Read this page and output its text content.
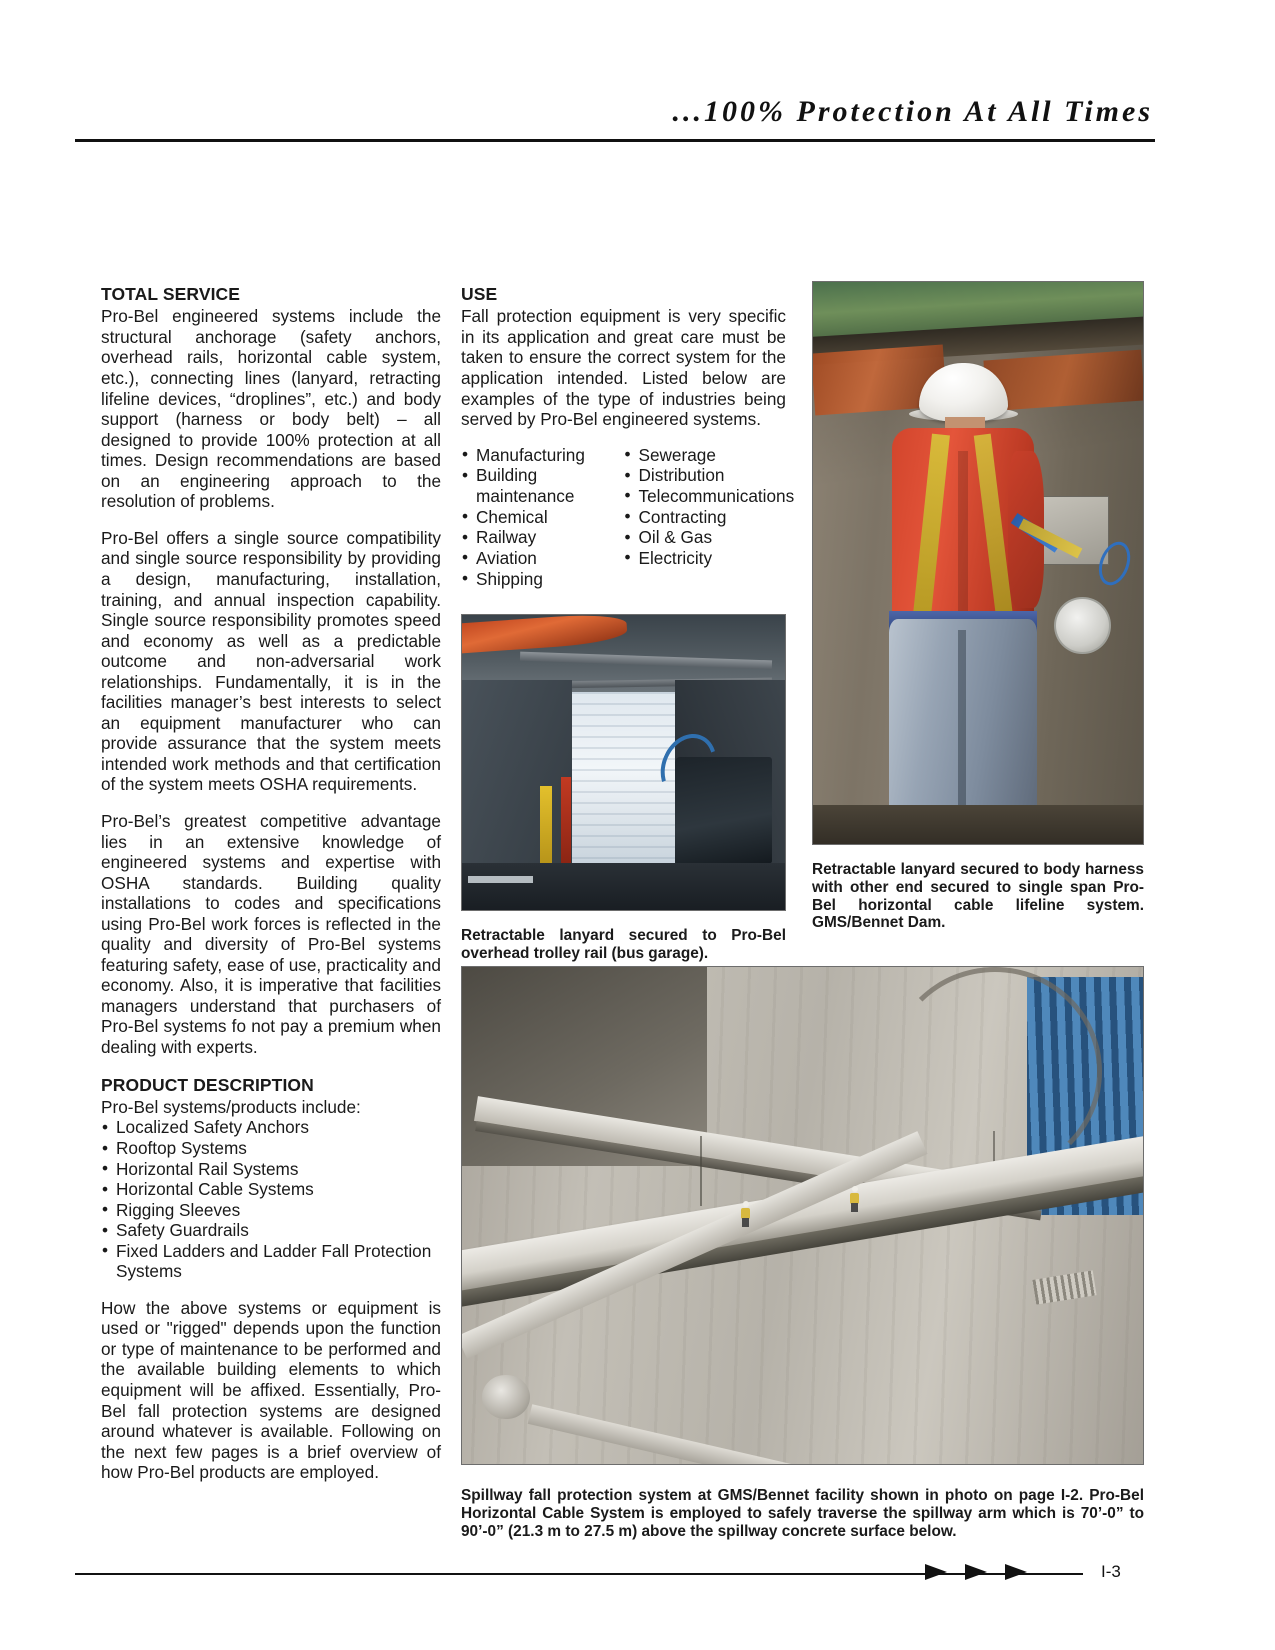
...100% Protection At All Times
TOTAL SERVICE

Pro-Bel engineered systems include the structural anchorage (safety anchors, overhead rails, horizontal cable system, etc.), connecting lines (lanyard, retracting lifeline devices, “droplines”, etc.) and body support (harness or body belt) – all designed to provide 100% protection at all times. Design recommendations are based on an engineering approach to the resolution of problems.

Pro-Bel offers a single source compatibility and single source responsibility by providing a design, manufacturing, installation, training, and annual inspection capability. Single source responsibility promotes speed and economy as well as a predictable outcome and non-adversarial work relationships. Fundamentally, it is in the facilities manager’s best interests to select an equipment manufacturer who can provide assurance that the system meets intended work methods and that certification of the system meets OSHA requirements.

Pro-Bel’s greatest competitive advantage lies in an extensive knowledge of engineered systems and expertise with OSHA standards. Building quality installations to codes and specifications using Pro-Bel work forces is reflected in the quality and diversity of Pro-Bel systems featuring safety, ease of use, practicality and economy. Also, it is imperative that facilities managers understand that purchasers of Pro-Bel systems fo not pay a premium when dealing with experts.

PRODUCT DESCRIPTION

Pro-Bel systems/products include:

• Localized Safety Anchors
• Rooftop Systems
• Horizontal Rail Systems
• Horizontal Cable Systems
• Rigging Sleeves
• Safety Guardrails
• Fixed Ladders and Ladder Fall Protection Systems

How the above systems or equipment is used or "rigged" depends upon the function or type of maintenance to be performed and the available building elements to which equipment will be affixed. Essentially, Pro-Bel fall protection systems are designed around whatever is available. Following on the next few pages is a brief overview of how Pro-Bel products are employed.

USE

Fall protection equipment is very specific in its application and great care must be taken to ensure the correct system for the application intended. Listed below are examples of the type of industries being served by Pro-Bel engineered systems.

• Manufacturing
• Building maintenance
• Chemical
• Railway
• Aviation
• Shipping
• Sewerage
• Distribution
• Telecommunications
• Contracting
• Oil & Gas
• Electricity
Retractable lanyard secured to body harness with other end secured to single span Pro-Bel horizontal cable lifeline system. GMS/Bennet Dam.
Retractable lanyard secured to Pro-Bel overhead trolley rail (bus garage).
Spillway fall protection system at GMS/Bennet facility shown in photo on page I-2. Pro-Bel Horizontal Cable System is employed to safely traverse the spillway arm which is 70’-0” to 90’-0” (21.3 m to 27.5 m) above the spillway concrete surface below.
I-3
